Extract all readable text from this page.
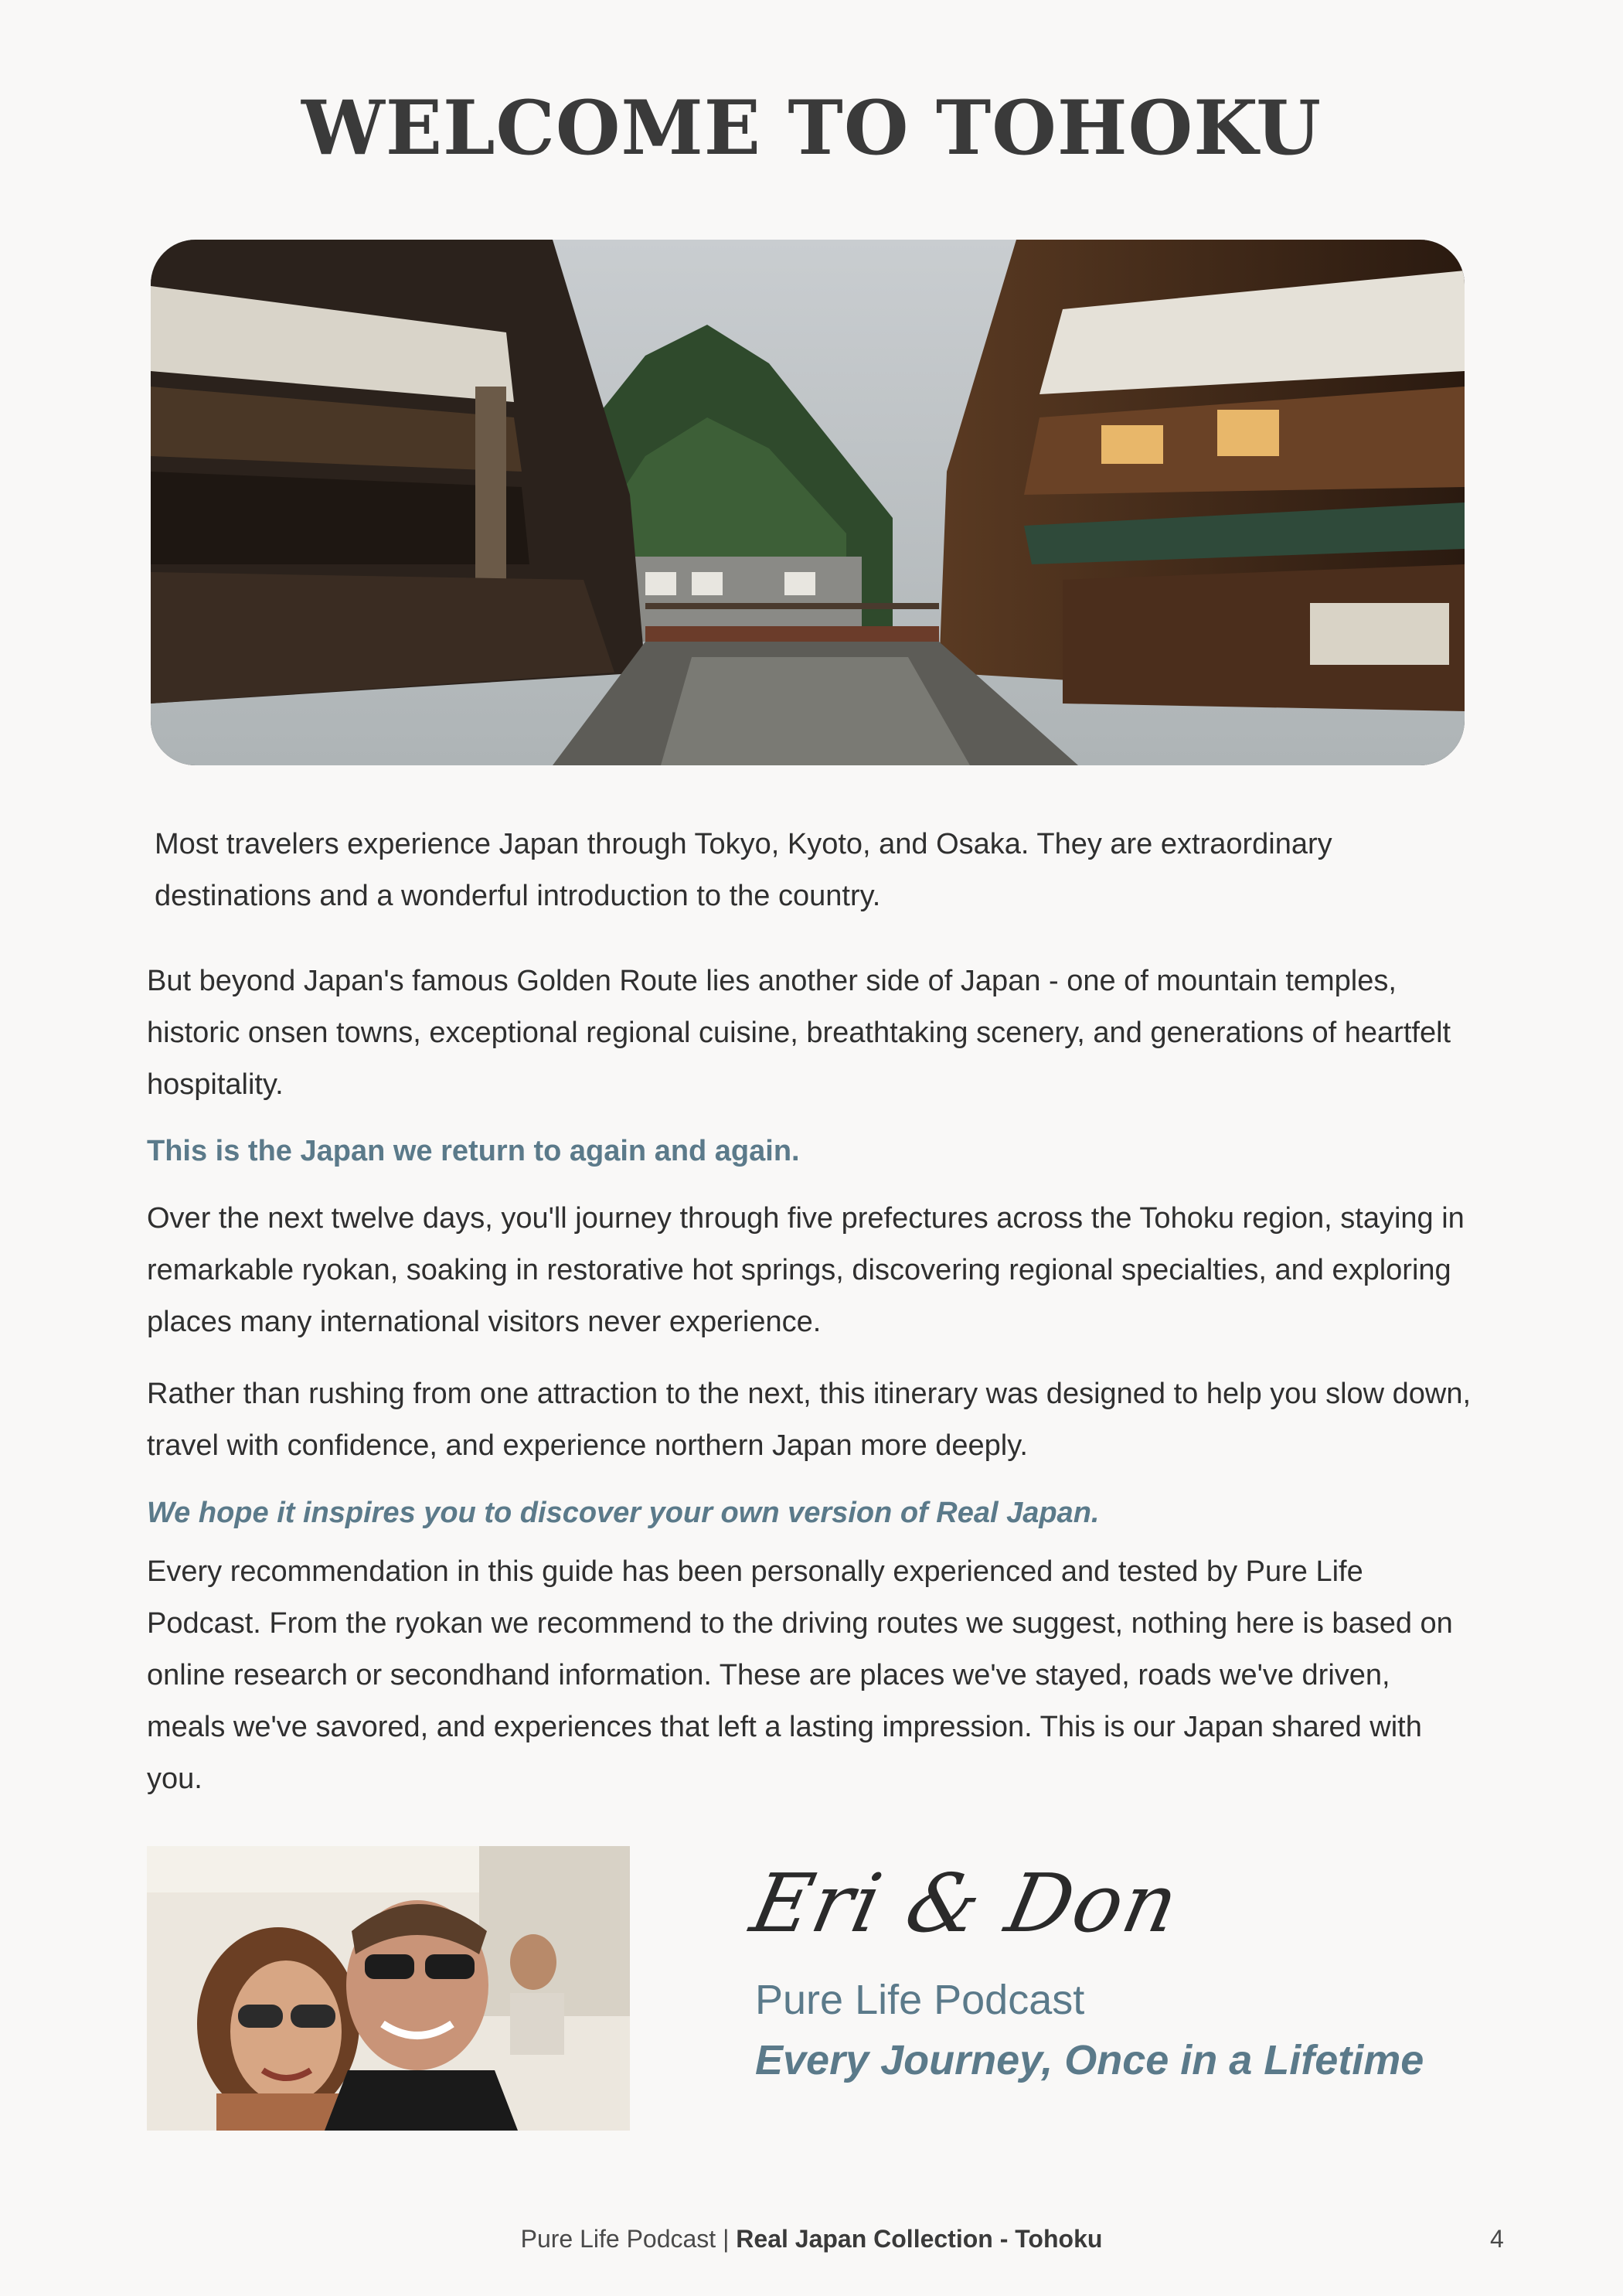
WELCOME TO TOHOKU

Most travelers experience Japan through Tokyo, Kyoto, and Osaka. They are extraordinary destinations and a wonderful introduction to the country.

But beyond Japan's famous Golden Route lies another side of Japan - one of mountain temples, historic onsen towns, exceptional regional cuisine, breathtaking scenery, and generations of heartfelt hospitality.

This is the Japan we return to again and again.

Over the next twelve days, you'll journey through five prefectures across the Tohoku region, staying in remarkable ryokan, soaking in restorative hot springs, discovering regional specialties, and exploring places many international visitors never experience.

Rather than rushing from one attraction to the next, this itinerary was designed to help you slow down, travel with confidence, and experience northern Japan more deeply.

We hope it inspires you to discover your own version of Real Japan.

Every recommendation in this guide has been personally experienced and tested by Pure Life Podcast. From the ryokan we recommend to the driving routes we suggest, nothing here is based on online research or secondhand information. These are places we've stayed, roads we've driven, meals we've savored, and experiences that left a lasting impression. This is our Japan shared with you.

Eri & Don
Pure Life Podcast
Every Journey, Once in a Lifetime
Pure Life Podcast | Real Japan Collection - Tohoku	4
